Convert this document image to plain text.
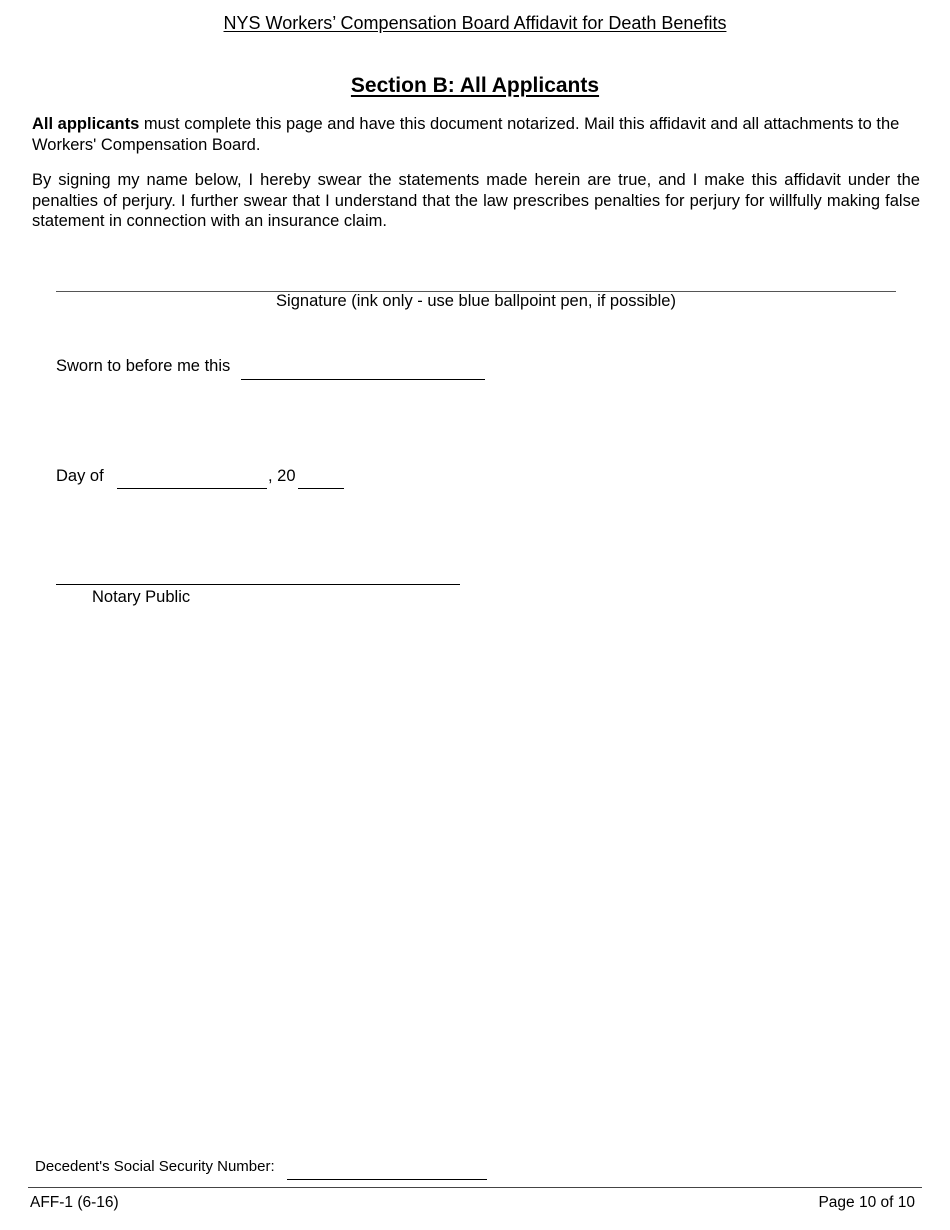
NYS Workers’ Compensation Board Affidavit for Death Benefits
Section B: All Applicants

All applicants must complete this page and have this document notarized. Mail this affidavit and all attachments to the Workers' Compensation Board.

By signing my name below, I hereby swear the statements made herein are true, and I make this affidavit under the penalties of perjury. I further swear that I understand that the law prescribes penalties for perjury for willfully making false statement in connection with an insurance claim.

Signature (ink only - use blue ballpoint pen, if possible)
Sworn to before me this
Day of	, 20
Notary Public
Decedent's Social Security Number:
AFF-1 (6-16)	Page 10 of 10
